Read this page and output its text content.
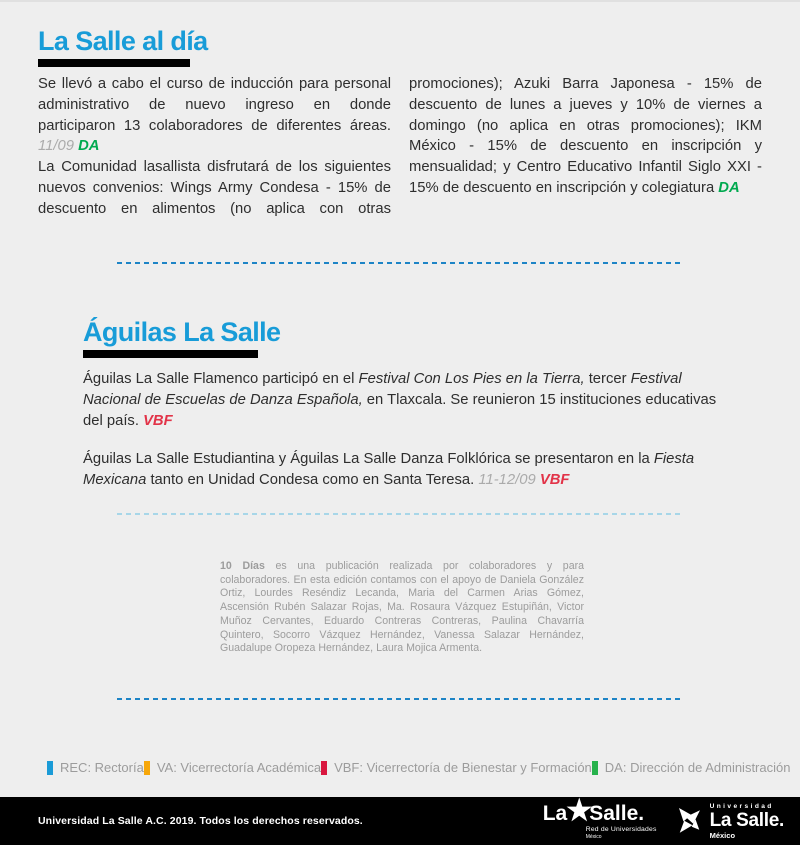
La Salle al día

Se llevó a cabo el curso de inducción para personal administrativo de nuevo ingreso en donde participaron 13 colaboradores de diferentes áreas. 11/09 DA

La Comunidad lasallista disfrutará de los siguientes nuevos convenios: Wings Army Condesa - 15% de descuento en alimentos (no aplica con otras

promociones); Azuki Barra Japonesa - 15% de descuento de lunes a jueves y 10% de viernes a domingo (no aplica en otras promociones); IKM México - 15% de descuento en inscripción y mensualidad; y Centro Educativo Infantil Siglo XXI - 15% de descuento en inscripción y colegiatura DA

Águilas La Salle

Águilas La Salle Flamenco participó en el Festival Con Los Pies en la Tierra, tercer Festival Nacional de Escuelas de Danza Española, en Tlaxcala. Se reunieron 15 instituciones educativas del país. VBF

Águilas La Salle Estudiantina y Águilas La Salle Danza Folklórica se presentaron en la Fiesta Mexicana tanto en Unidad Condesa como en Santa Teresa. 11-12/09 VBF

10 Días es una publicación realizada por colaboradores y para colaboradores. En esta edición contamos con el apoyo de Daniela González Ortiz, Lourdes Reséndiz Lecanda, Maria del Carmen Arias Gómez, Ascensión Rubén Salazar Rojas, Ma. Rosaura Vázquez Estupiñán, Victor Muñoz Cervantes, Eduardo Contreras Contreras, Paulina Chavarría Quintero, Socorro Vázquez Hernández, Vanessa Salazar Hernández, Guadalupe Oropeza Hernández, Laura Mojica Armenta.
REC: Rectoría VA: Vicerrectoría Académica VBF: Vicerrectoría de Bienestar y Formación DA: Dirección de Administración
Universidad La Salle A.C. 2019. Todos los derechos reservados.	La ★
Salle.
Red de Universidades
México
Universidad
La Salle.
México
